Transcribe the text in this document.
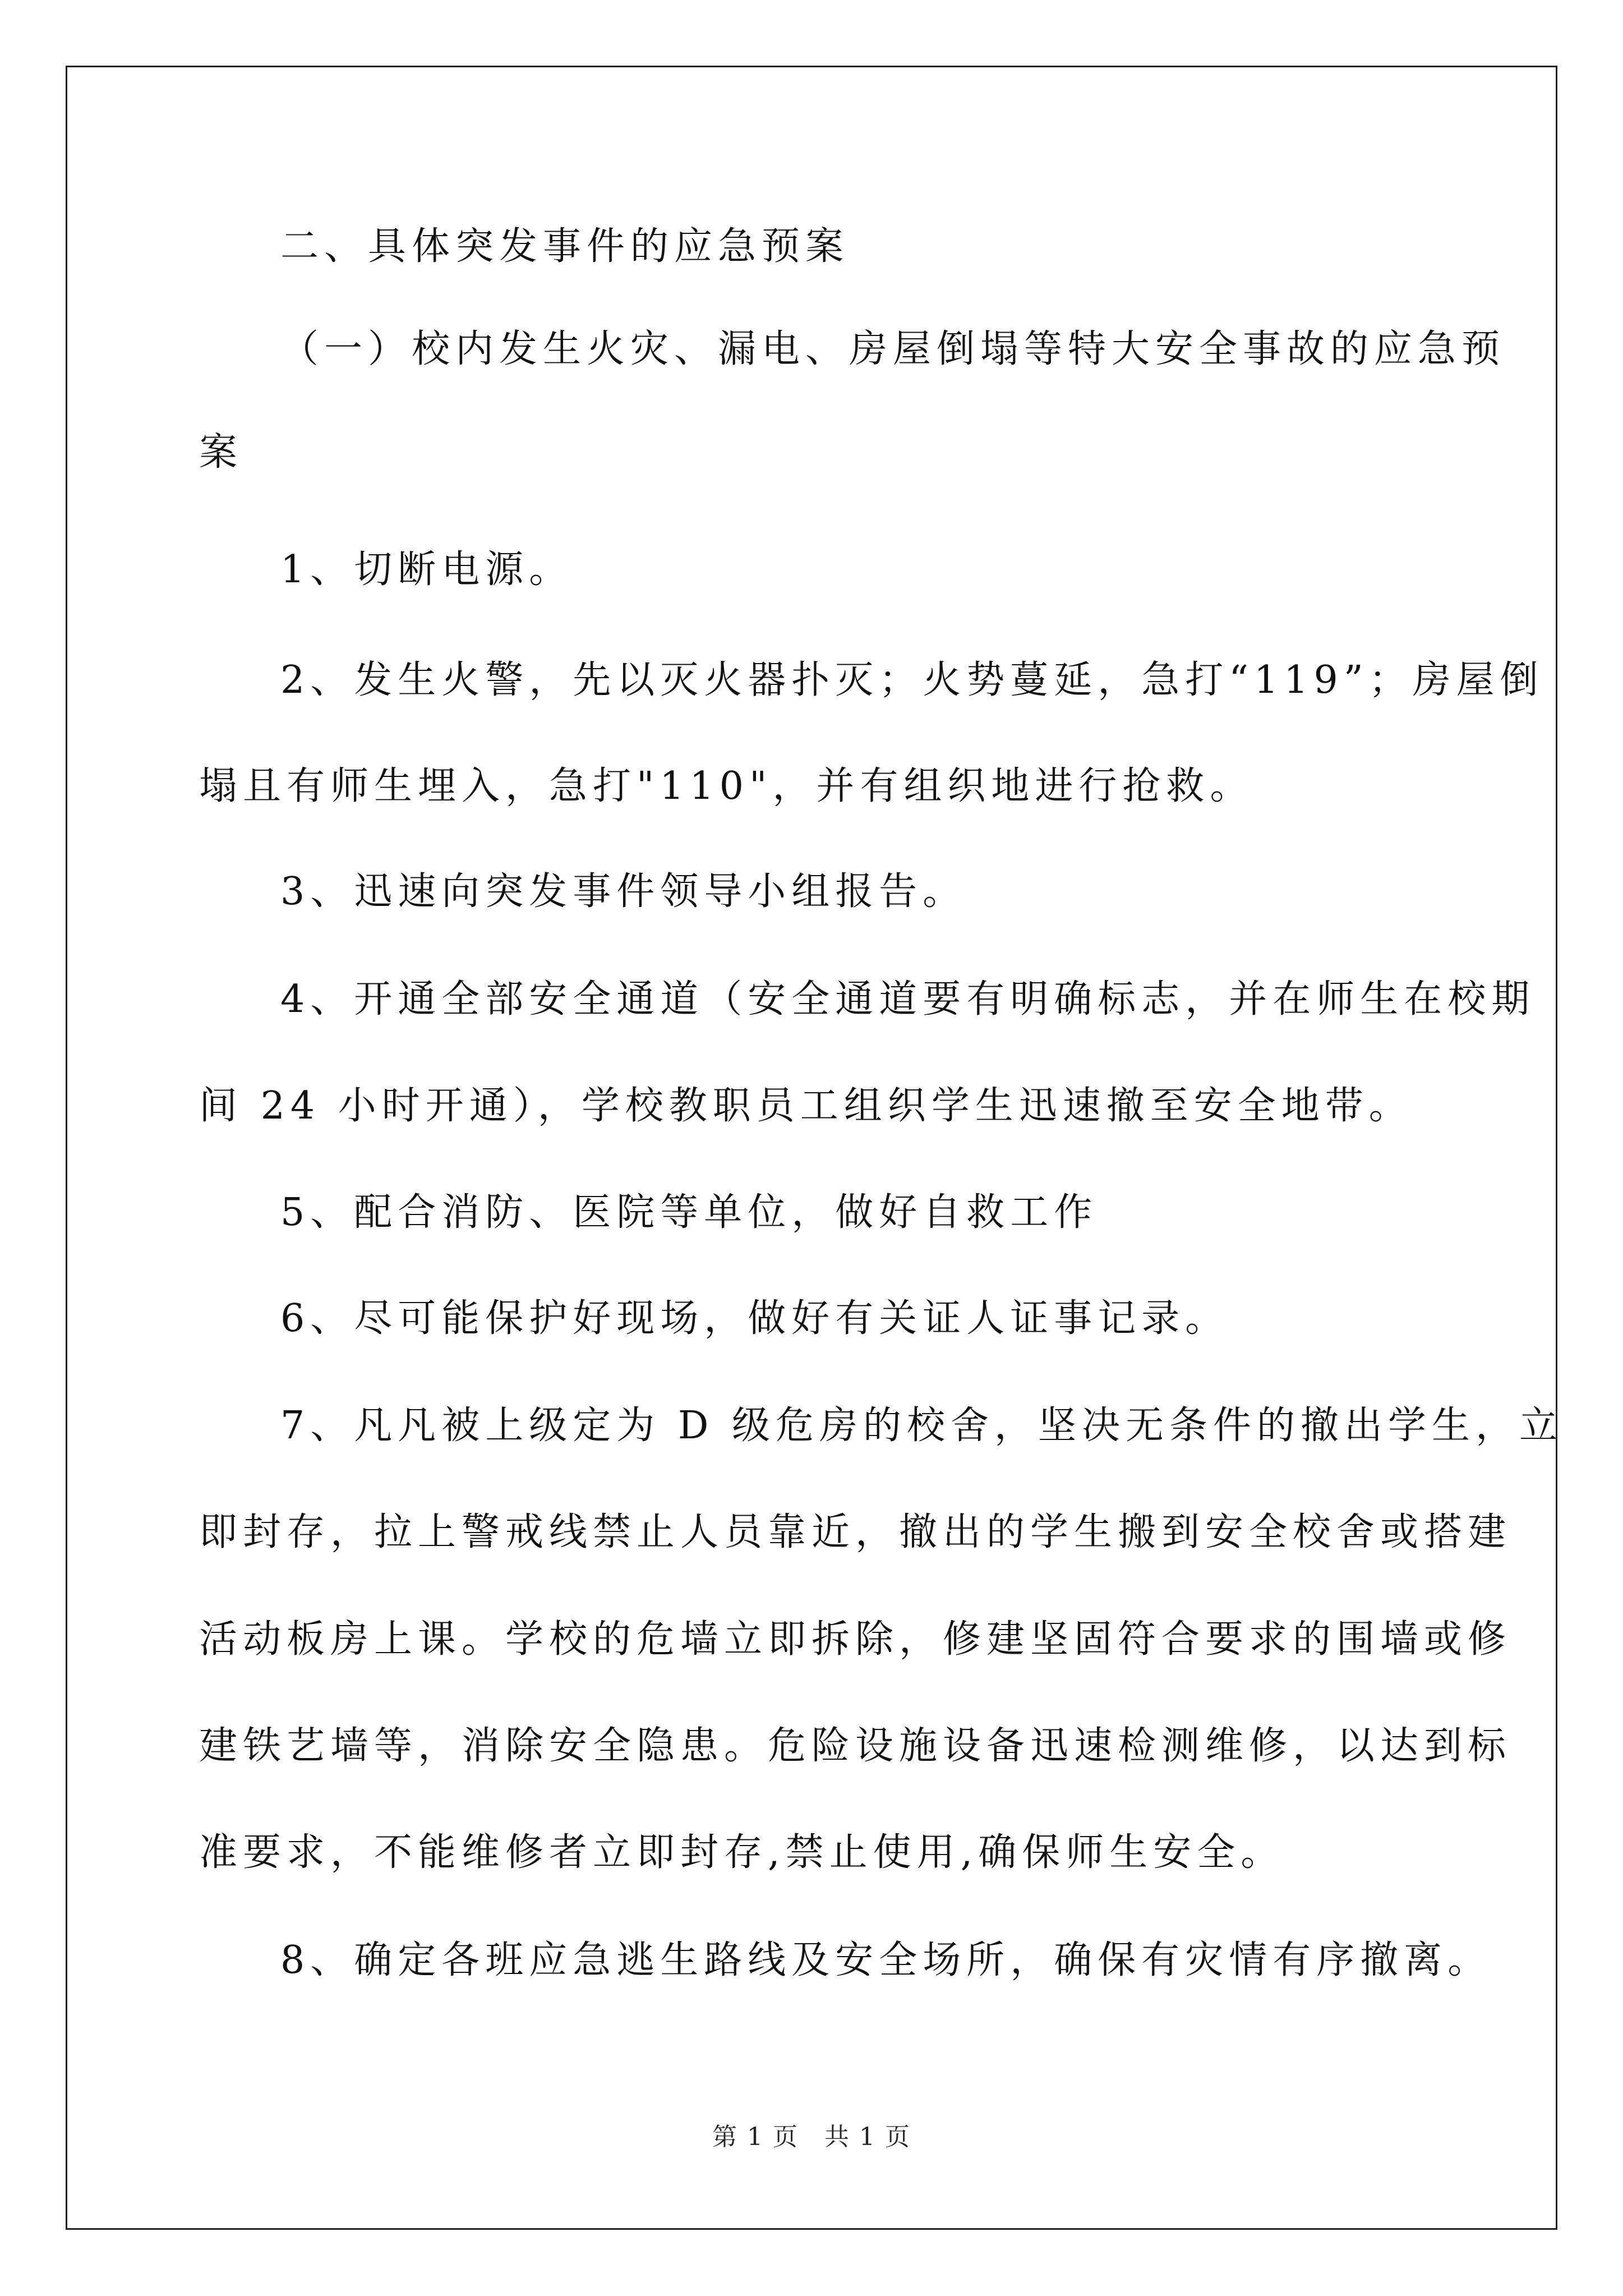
二、具体突发事件的应急预案
（一）校内发生火灾、漏电、房屋倒塌等特大安全事故的应急预
案
1、切断电源。
2、发生火警，先以灭火器扑灭；火势蔓延，急打“119”；房屋倒
塌且有师生埋入，急打"110"，并有组织地进行抢救。
3、迅速向突发事件领导小组报告。
4、开通全部安全通道（安全通道要有明确标志，并在师生在校期
间 24 小时开通），学校教职员工组织学生迅速撤至安全地带。
5、配合消防、医院等单位，做好自救工作
6、尽可能保护好现场，做好有关证人证事记录。
7、凡凡被上级定为 D 级危房的校舍，坚决无条件的撤出学生，立
即封存，拉上警戒线禁止人员靠近，撤出的学生搬到安全校舍或搭建
活动板房上课。学校的危墙立即拆除，修建坚固符合要求的围墙或修
建铁艺墙等，消除安全隐患。危险设施设备迅速检测维修，以达到标
准要求，不能维修者立即封存,禁止使用,确保师生安全。
8、确定各班应急逃生路线及安全场所，确保有灾情有序撤离。
第 1 页　共 1 页
